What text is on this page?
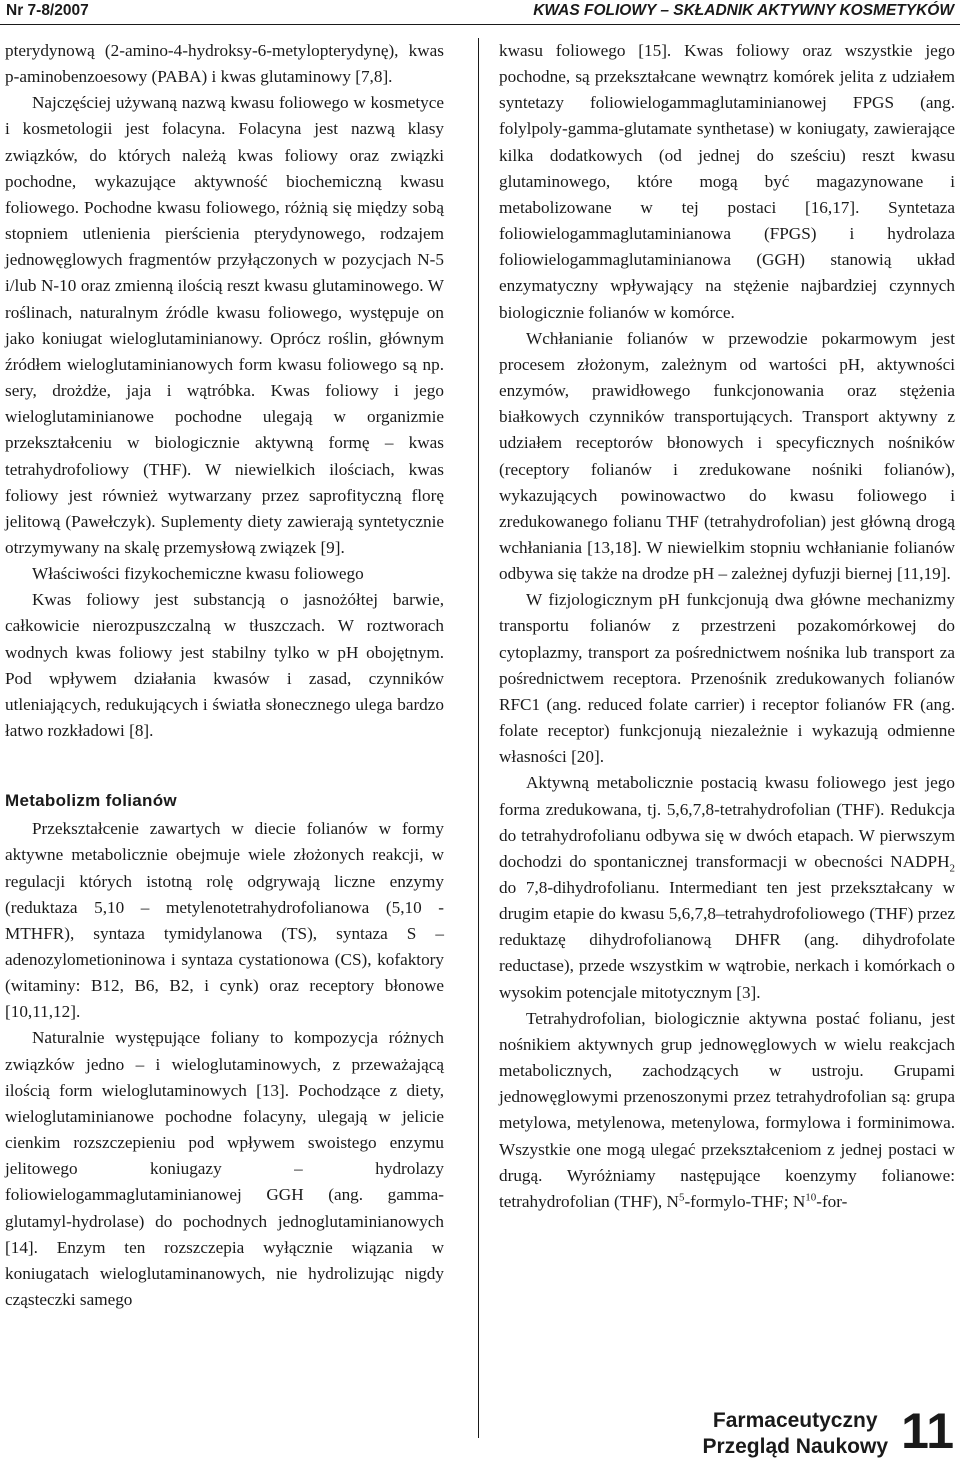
Nr 7-8/2007	KWAS FOLIOWY – SKŁADNIK AKTYWNY KOSMETYKÓW

pterydynową (2-amino-4-hydroksy-6-metylopterydynę), kwas p-aminobenzoesowy (PABA) i kwas glutaminowy [7,8].

Najczęściej używaną nazwą kwasu foliowego w kosmetyce i kosmetologii jest folacyna. Folacyna jest nazwą klasy związków, do których należą kwas foliowy oraz związki pochodne, wykazujące aktywność biochemiczną kwasu foliowego. Pochodne kwasu foliowego, różnią się między sobą stopniem utlenienia pierścienia pterydynowego, rodzajem jednowęglowych fragmentów przyłączonych w pozycjach N-5 i/lub N-10 oraz zmienną ilością reszt kwasu glutaminowego. W roślinach, naturalnym źródle kwasu foliowego, występuje on jako koniugat wieloglutaminianowy. Oprócz roślin, głównym źródłem wieloglutaminianowych form kwasu foliowego są np. sery, drożdże, jaja i wątróbka. Kwas foliowy i jego wieloglutaminianowe pochodne ulegają w organizmie przekształceniu w biologicznie aktywną formę – kwas tetrahydrofoliowy (THF). W niewielkich ilościach, kwas foliowy jest również wytwarzany przez saprofityczną florę jelitową (Pawełczyk). Suplementy diety zawierają syntetycznie otrzymywany na skalę przemysłową związek [9].

Właściwości fizykochemiczne kwasu foliowego

Kwas foliowy jest substancją o jasnożółtej barwie, całkowicie nierozpuszczalną w tłuszczach. W roztworach wodnych kwas foliowy jest stabilny tylko w pH obojętnym. Pod wpływem działania kwasów i zasad, czynników utleniających, redukujących i światła słonecznego ulega bardzo łatwo rozkładowi [8].

Metabolizm folianów

Przekształcenie zawartych w diecie folianów w formy aktywne metabolicznie obejmuje wiele złożonych reakcji, w regulacji których istotną rolę odgrywają liczne enzymy (reduktaza 5,10 – metylenotetrahydrofolianowa (5,10 - MTHFR), syntaza tymidylanowa (TS), syntaza S – adenozylometioninowa i syntaza cystationowa (CS), kofaktory (witaminy: B12, B6, B2, i cynk) oraz receptory błonowe [10,11,12].

Naturalnie występujące foliany to kompozycja różnych związków jedno – i wieloglutaminowych, z przeważającą ilością form wieloglutaminowych [13]. Pochodzące z diety, wieloglutaminianowe pochodne folacyny, ulegają w jelicie cienkim rozszczepieniu pod wpływem swoistego enzymu jelitowego koniugazy – hydrolazy foliowielogammaglutaminianowej GGH (ang. gamma-glutamyl-hydrolase) do pochodnych jednoglutaminianowych [14]. Enzym ten rozszczepia wyłącznie wiązania w koniugatach wieloglutaminanowych, nie hydrolizując nigdy cząsteczki samego

kwasu foliowego [15]. Kwas foliowy oraz wszystkie jego pochodne, są przekształcane wewnątrz komórek jelita z udziałem syntetazy foliowielogammaglutaminianowej FPGS (ang. folylpoly-gamma-glutamate synthetase) w koniugaty, zawierające kilka dodatkowych (od jednej do sześciu) reszt kwasu glutaminowego, które mogą być magazynowane i metabolizowane w tej postaci [16,17]. Syntetaza foliowielogammaglutaminianowa (FPGS) i hydrolaza foliowielogammaglutaminianowa (GGH) stanowią układ enzymatyczny wpływający na stężenie najbardziej czynnych biologicznie folianów w komórce.

Wchłanianie folianów w przewodzie pokarmowym jest procesem złożonym, zależnym od wartości pH, aktywności enzymów, prawidłowego funkcjonowania oraz stężenia białkowych czynników transportujących. Transport aktywny z udziałem receptorów błonowych i specyficznych nośników (receptory folianów i zredukowane nośniki folianów), wykazujących powinowactwo do kwasu foliowego i zredukowanego folianu THF (tetrahydrofolian) jest główną drogą wchłaniania [13,18]. W niewielkim stopniu wchłanianie folianów odbywa się także na drodze pH – zależnej dyfuzji biernej [11,19].

W fizjologicznym pH funkcjonują dwa główne mechanizmy transportu folianów z przestrzeni pozakomórkowej do cytoplazmy, transport za pośrednictwem nośnika lub transport za pośrednictwem receptora. Przenośnik zredukowanych folianów RFC1 (ang. reduced folate carrier) i receptor folianów FR (ang. folate receptor) funkcjonują niezależnie i wykazują odmienne własności [20].

Aktywną metabolicznie postacią kwasu foliowego jest jego forma zredukowana, tj. 5,6,7,8-tetrahydrofolian (THF). Redukcja do tetrahydrofolianu odbywa się w dwóch etapach. W pierwszym dochodzi do spontanicznej transformacji w obecności $NADPH_2$ do 7,8-dihydrofolianu. Intermediant ten jest przekształcany w drugim etapie do kwasu 5,6,7,8–tetrahydrofoliowego (THF) przez reduktazę dihydrofolianową DHFR (ang. dihydrofolate reductase), przede wszystkim w wątrobie, nerkach i komórkach o wysokim potencjale mitotycznym [3].

Tetrahydrofolian, biologicznie aktywna postać folianu, jest nośnikiem aktywnych grup jednowęglowych w wielu reakcjach metabolicznych, zachodzących w ustroju. Grupami jednowęglowymi przenoszonymi przez tetrahydrofolian są: grupa metylowa, metylenowa, metenylowa, formylowa i forminimowa. Wszystkie one mogą ulegać przekształceniom z jednej postaci w drugą. Wyróżniamy następujące koenzymy folianowe: tetrahydrofolian (THF), $N^5-formylo$-THF; $N^{10}-for-$

Farmaceutyczny
Przegląd Naukowy 11
